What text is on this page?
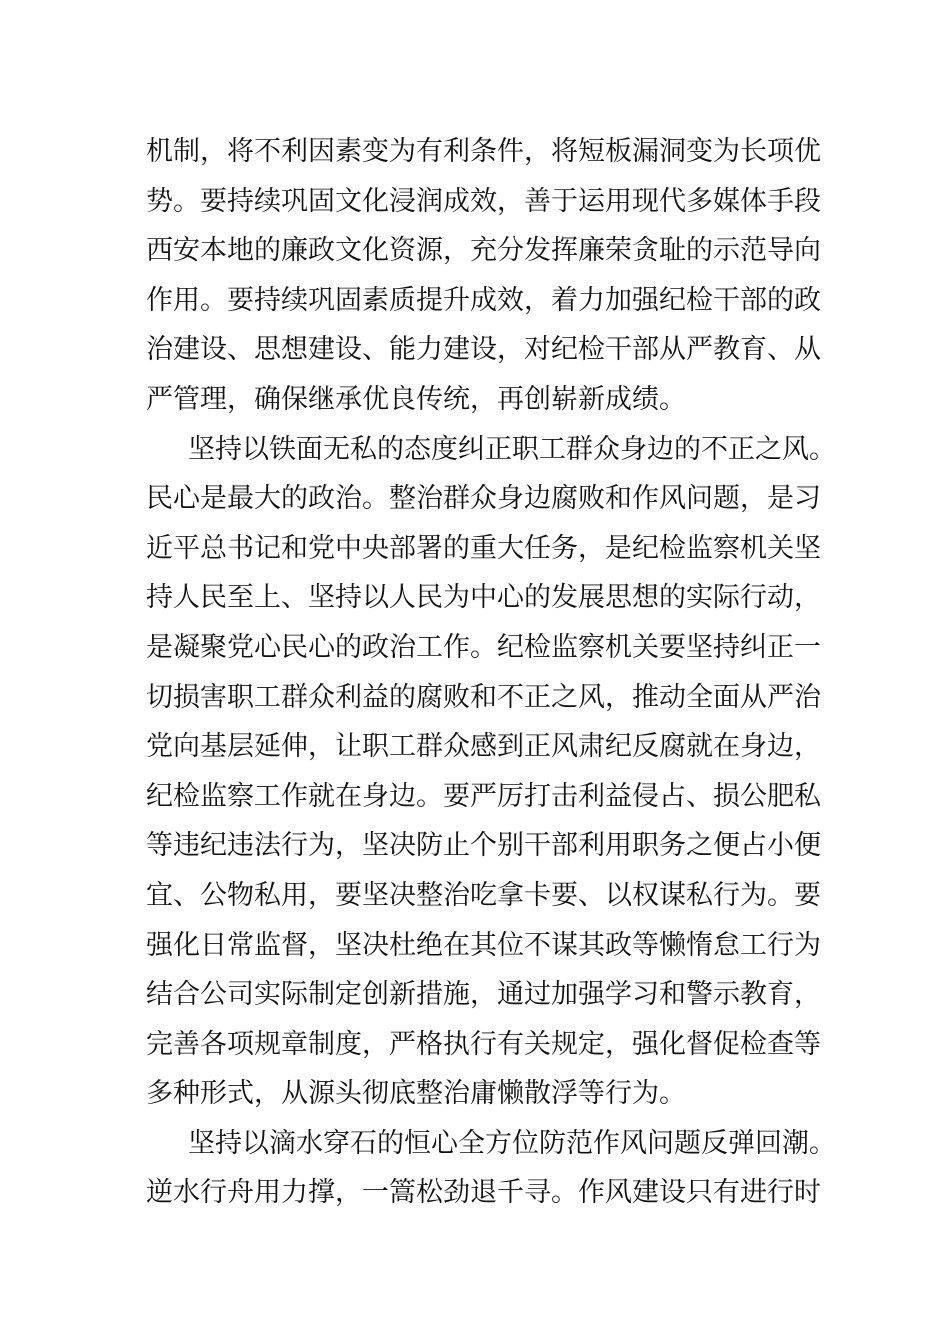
机制，将不利因素变为有利条件，将短板漏洞变为长项优
势。要持续巩固文化浸润成效，善于运用现代多媒体手段
西安本地的廉政文化资源，充分发挥廉荣贪耻的示范导向
作用。要持续巩固素质提升成效，着力加强纪检干部的政
治建设、思想建设、能力建设，对纪检干部从严教育、从
严管理，确保继承优良传统，再创崭新成绩。
坚持以铁面无私的态度纠正职工群众身边的不正之风。
民心是最大的政治。整治群众身边腐败和作风问题，是习
近平总书记和党中央部署的重大任务，是纪检监察机关坚
持人民至上、坚持以人民为中心的发展思想的实际行动，
是凝聚党心民心的政治工作。纪检监察机关要坚持纠正一
切损害职工群众利益的腐败和不正之风，推动全面从严治
党向基层延伸，让职工群众感到正风肃纪反腐就在身边，
纪检监察工作就在身边。要严厉打击利益侵占、损公肥私
等违纪违法行为，坚决防止个别干部利用职务之便占小便
宜、公物私用，要坚决整治吃拿卡要、以权谋私行为。要
强化日常监督，坚决杜绝在其位不谋其政等懒惰怠工行为
结合公司实际制定创新措施，通过加强学习和警示教育，
完善各项规章制度，严格执行有关规定，强化督促检查等
多种形式，从源头彻底整治庸懒散浮等行为。
坚持以滴水穿石的恒心全方位防范作风问题反弹回潮。
逆水行舟用力撑，一篙松劲退千寻。作风建设只有进行时
